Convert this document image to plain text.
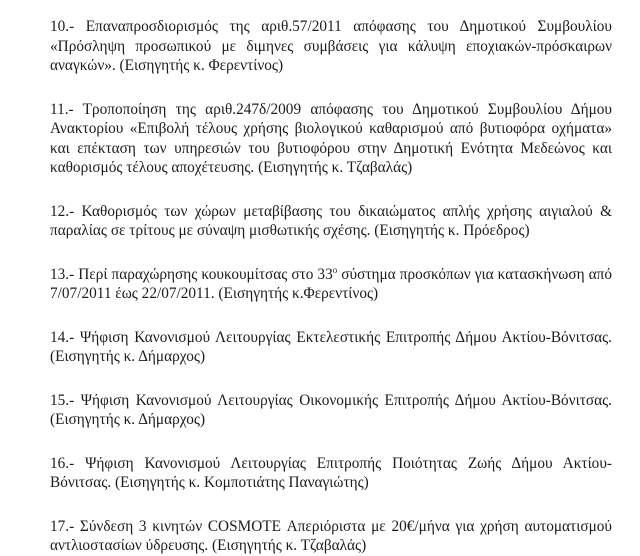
10.- Επαναπροσδιορισμός της αριθ.57/2011 απόφασης του Δημοτικού Συμβουλίου «Πρόσληψη προσωπικού με διμηνες συμβάσεις για κάλυψη εποχιακών-πρόσκαιρων αναγκών». (Εισηγητής κ. Φερεντίνος)

11.- Τροποποίηση της αριθ.247δ/2009 απόφασης του Δημοτικού Συμβουλίου Δήμου Ανακτορίου «Επιβολή τέλους χρήσης βιολογικού καθαρισμού από βυτιοφόρα οχήματα» και επέκταση των υπηρεσιών του βυτιοφόρου στην Δημοτική Ενότητα Μεδεώνος και καθορισμός τέλους αποχέτευσης. (Εισηγητής κ. Τζαβαλάς)

12.- Καθορισμός των χώρων μεταβίβασης του δικαιώματος απλής χρήσης αιγιαλού & παραλίας σε τρίτους με σύναψη μισθωτικής σχέσης. (Εισηγητής κ. Πρόεδρος)

13.- Περί παραχώρησης κουκουμίτσας στο $33^o$ σύστημα προσκόπων για κατασκήνωση από 7/07/2011 έως 22/07/2011. (Εισηγητής κ.Φερεντίνος)

14.- Ψήφιση Κανονισμού Λειτουργίας Εκτελεστικής Επιτροπής Δήμου Ακτίου-Βόνιτσας. (Εισηγητής κ. Δήμαρχος)

15.- Ψήφιση Κανονισμού Λειτουργίας Οικονομικής Επιτροπής Δήμου Ακτίου-Βόνιτσας. (Εισηγητής κ. Δήμαρχος)

16.- Ψήφιση Κανονισμού Λειτουργίας Επιτροπής Ποιότητας Ζωής Δήμου Ακτίου-Βόνιτσας. (Εισηγητής κ. Κομποτιάτης Παναγιώτης)

17.- Σύνδεση 3 κινητών COSMOTE Απεριόριστα με 20€/μήνα για χρήση αυτοματισμού αντλιοστασίων ύδρευσης. (Εισηγητής κ. Τζαβαλάς)
